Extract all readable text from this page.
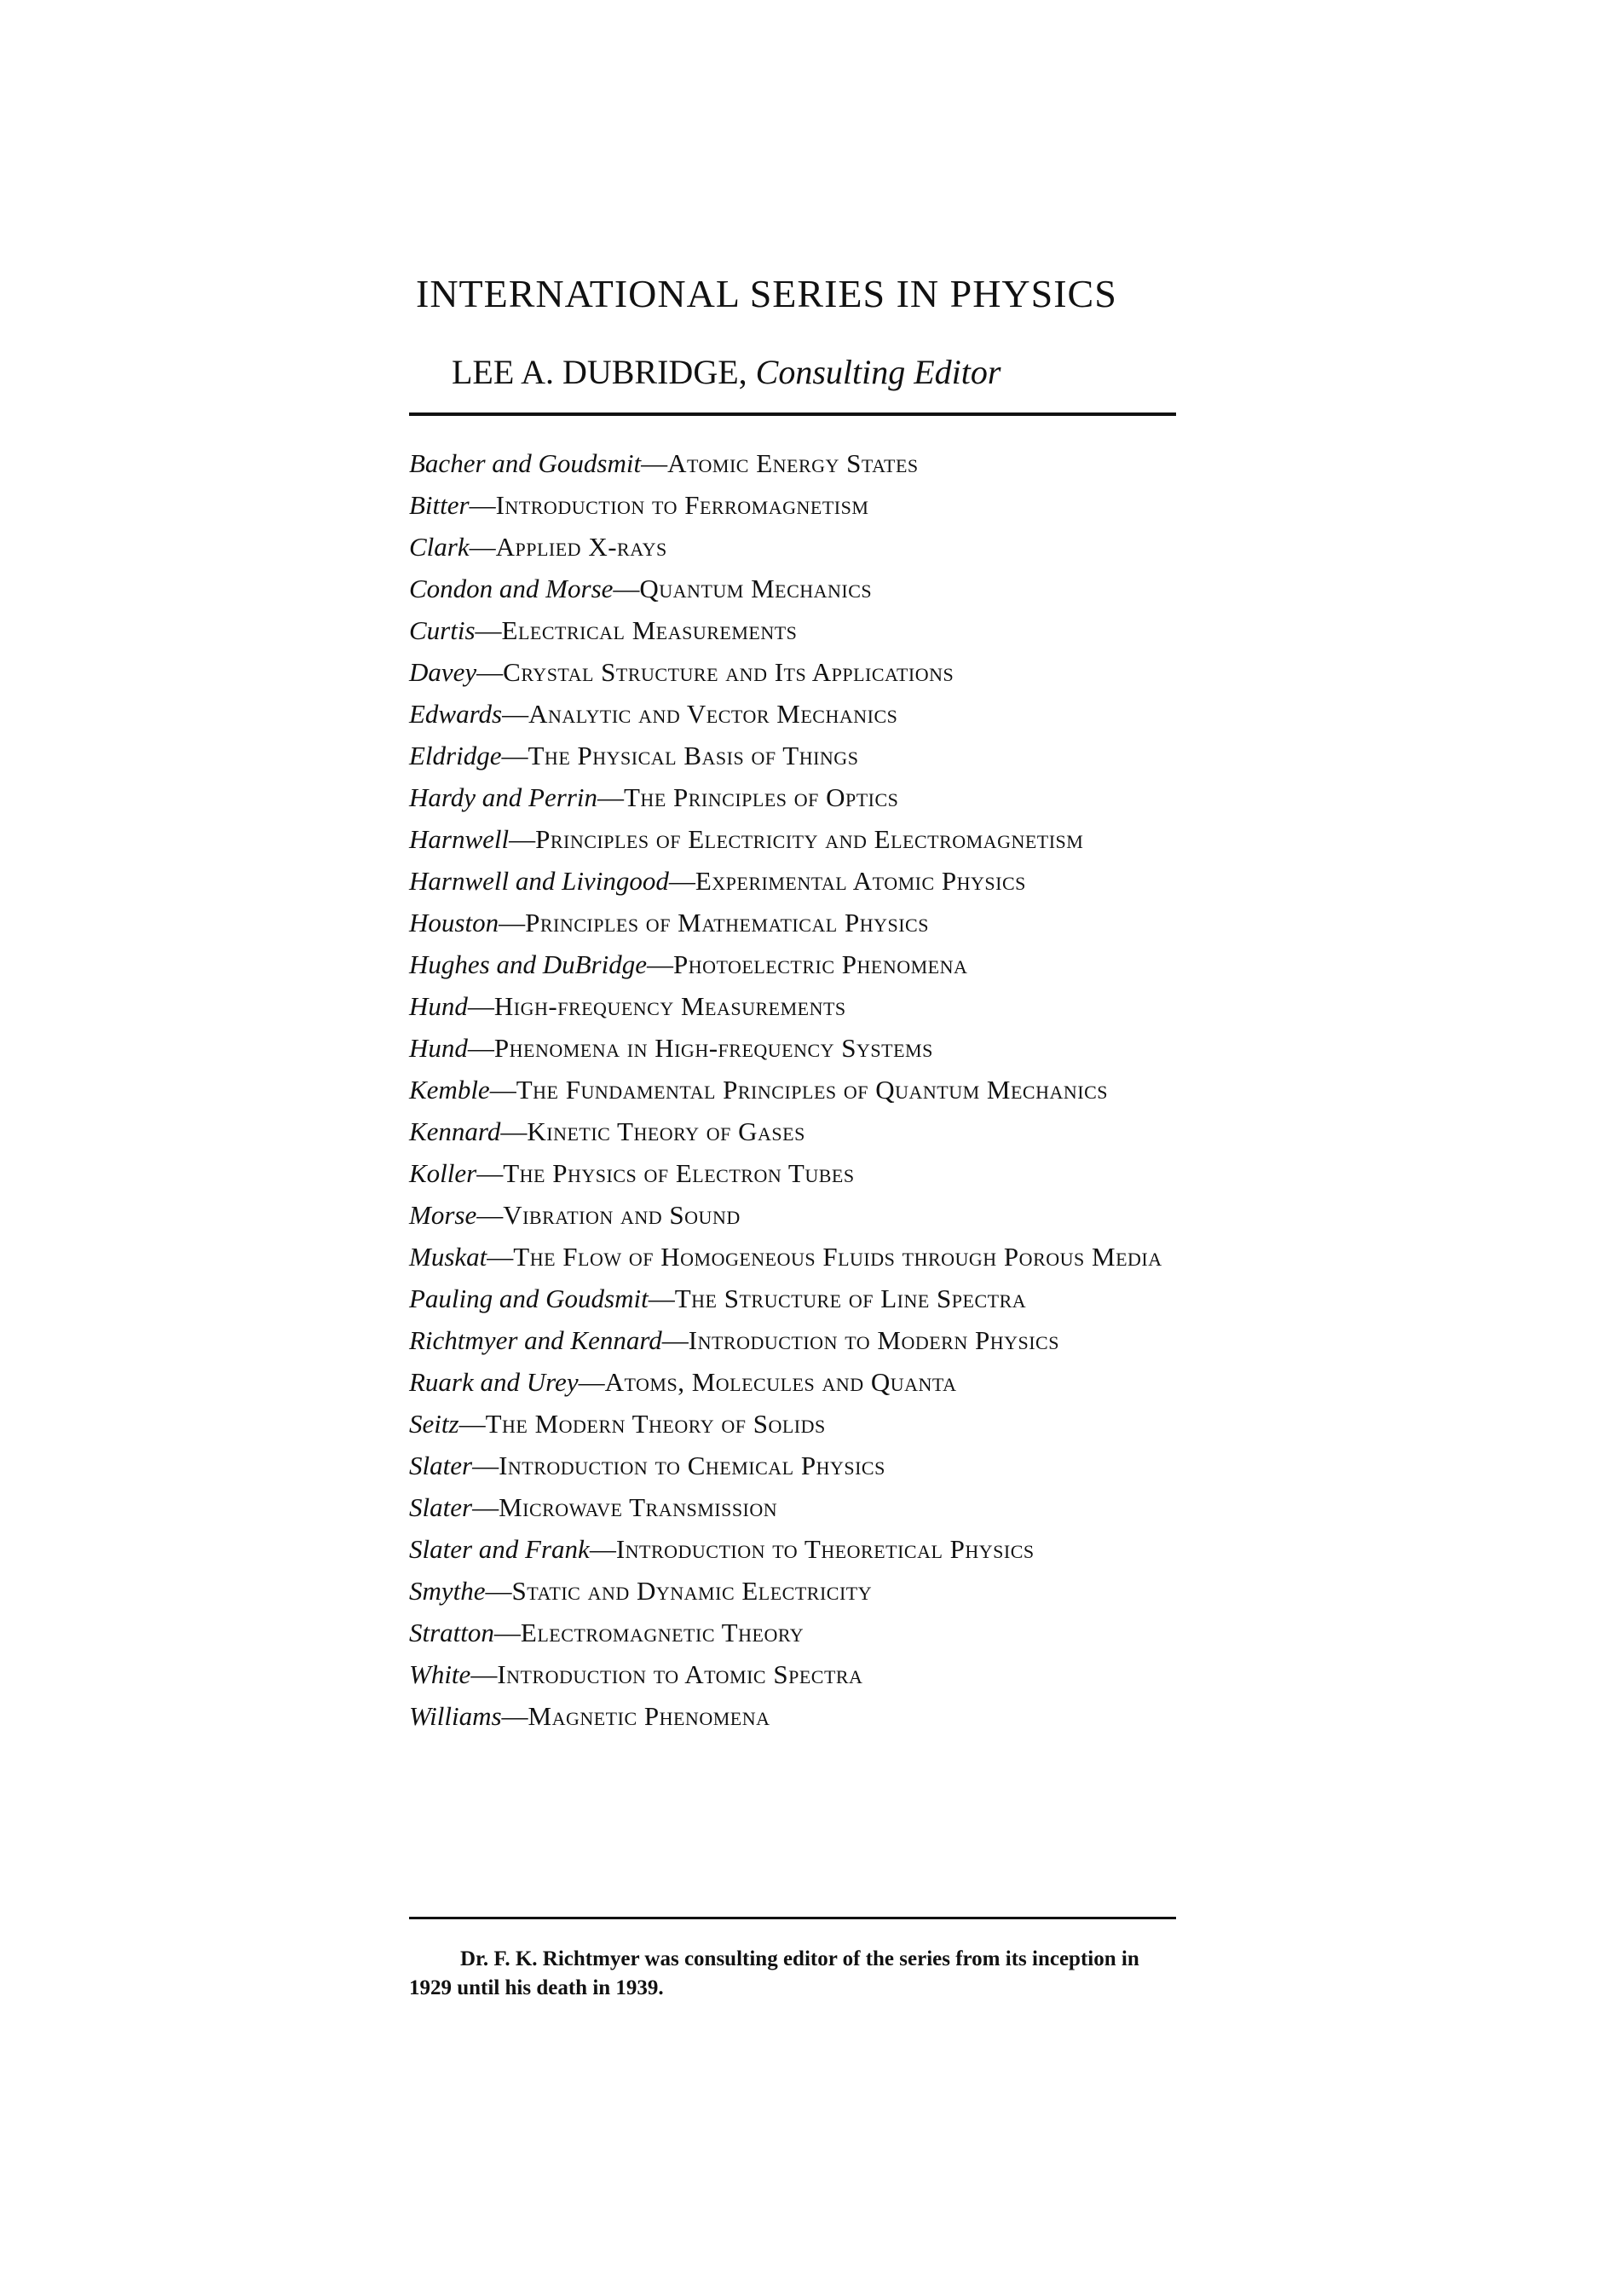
INTERNATIONAL SERIES IN PHYSICS
LEE A. DUBRIDGE, Consulting Editor
Bacher and Goudsmit—Atomic Energy States
Bitter—Introduction to Ferromagnetism
Clark—Applied X-rays
Condon and Morse—Quantum Mechanics
Curtis—Electrical Measurements
Davey—Crystal Structure and Its Applications
Edwards—Analytic and Vector Mechanics
Eldridge—The Physical Basis of Things
Hardy and Perrin—The Principles of Optics
Harnwell—Principles of Electricity and Electromagnetism
Harnwell and Livingood—Experimental Atomic Physics
Houston—Principles of Mathematical Physics
Hughes and DuBridge—Photoelectric Phenomena
Hund—High-frequency Measurements
Hund—Phenomena in High-frequency Systems
Kemble—The Fundamental Principles of Quantum Mechanics
Kennard—Kinetic Theory of Gases
Koller—The Physics of Electron Tubes
Morse—Vibration and Sound
Muskat—The Flow of Homogeneous Fluids through Porous Media
Pauling and Goudsmit—The Structure of Line Spectra
Richtmyer and Kennard—Introduction to Modern Physics
Ruark and Urey—Atoms, Molecules and Quanta
Seitz—The Modern Theory of Solids
Slater—Introduction to Chemical Physics
Slater—Microwave Transmission
Slater and Frank—Introduction to Theoretical Physics
Smythe—Static and Dynamic Electricity
Stratton—Electromagnetic Theory
White—Introduction to Atomic Spectra
Williams—Magnetic Phenomena

Dr. F. K. Richtmyer was consulting editor of the series from its inception in 1929 until his death in 1939.
